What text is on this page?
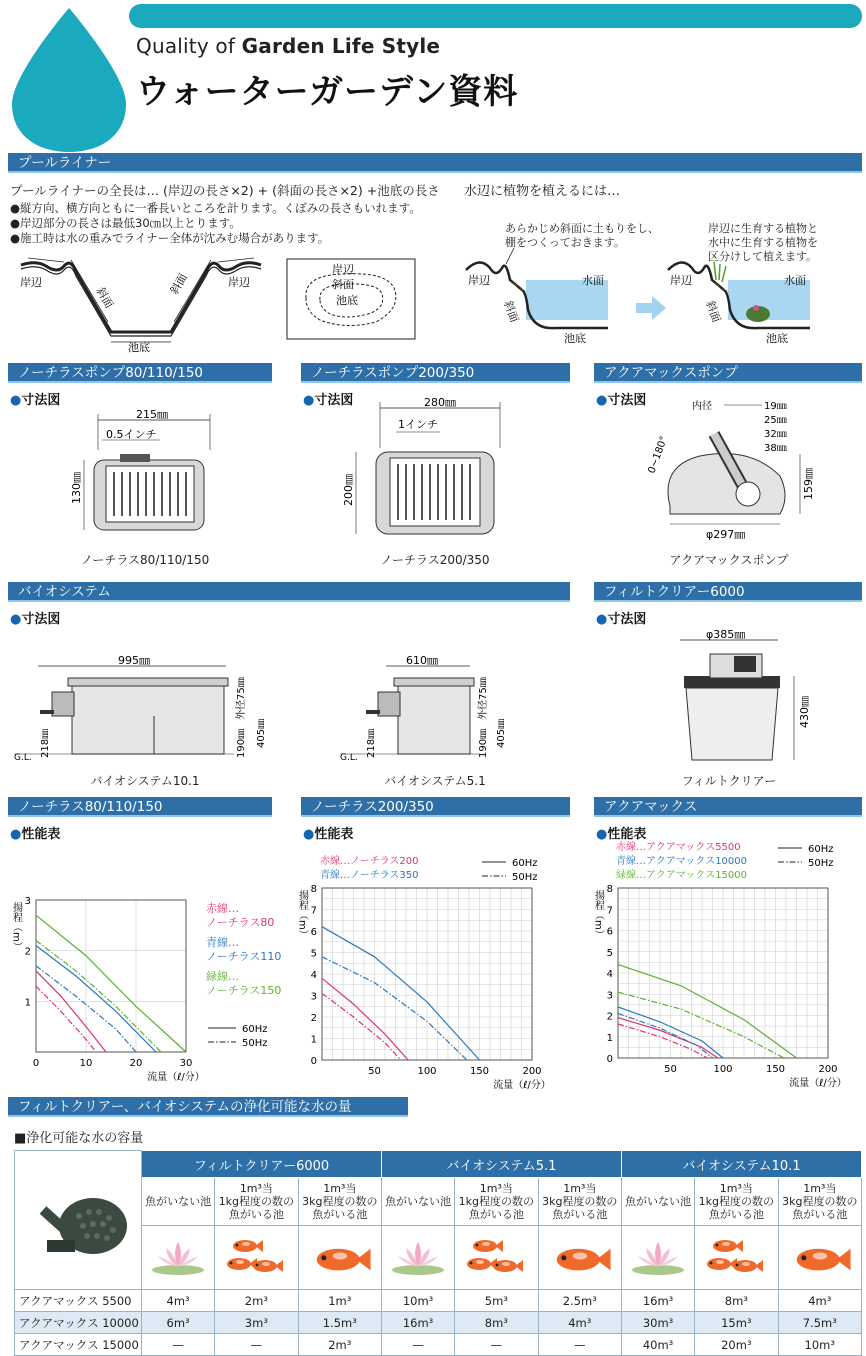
Quality of Garden Life Style
ウォーターガーデン資料
プールライナー
プールライナーの全長は… (岸辺の長さ×2) + (斜面の長さ×2) +池底の長さ
●縦方向、横方向ともに一番長いところを計ります。くぼみの長さもいれます。
●岸辺部分の長さは最低30㎝以上とります。
●施工時は水の重みでライナー全体が沈みむ場合があります。
水辺に植物を植えるには…
岸辺
斜面
斜面	岸辺
池底
岸辺
斜面
池底
あらかじめ斜面に土もりをし、
棚をつくっておきます。
岸辺に生育する植物と
水中に生育する植物を
区分けして植えます。
岸辺
斜面
水面
池底
岸辺
斜面
水面
池底
ノーチラスポンプ80/110/150	ノーチラスポンプ200/350	アクアマックスポンプ
●寸法図	●寸法図	●寸法図
215㎜
0.5インチ
130㎜
ノーチラス80/110/150
280㎜
1インチ
200㎜
ノーチラス200/350
内径	19㎜
25㎜
32㎜
38㎜
0~180°
159㎜
φ297㎜
アクアマックスポンプ
バイオシステム	フィルトクリアー6000
●寸法図	●寸法図
995㎜
G.L. 218㎜	190㎜
外径75㎜
405㎜
バイオシステム10.1
610㎜
G.L. 218㎜	190㎜
外径75㎜
405㎜
バイオシステム5.1
φ385㎜
430㎜
フィルトクリアー
ノーチラス80/110/150	ノーチラス200/350	アクアマックス
●性能表	●性能表	●性能表
1
2
3
0	10	20	30
流量（ℓ/分）
揚程（m）	赤線…
ノーチラス80
青線…
ノーチラス110
緑線…
ノーチラス150
60Hz
50Hz
0
1
2
3
4
5
6
7
8
50	100	150	200
流量（ℓ/分）
揚程（m）
赤線…ノーチラス200
青線…ノーチラス350
60Hz
50Hz
0
1
2
3
4
5
6
7
8
50	100	150	200
流量（ℓ/分）
揚程（m）
赤線…アクアマックス5500
青線…アクアマックス10000
緑線…アクアマックス15000
60Hz
50Hz
フィルトクリアー、バイオシステムの浄化可能な水の量
■浄化可能な水の容量
	フィルトクリアー6000			バイオシステム5.1			バイオシステム10.1		
	魚がいない池	1m³当
1kg程度の数の
魚がいる池	1m³当
3kg程度の数の
魚がいる池	魚がいない池	1m³当
1kg程度の数の
魚がいる池	1m³当
3kg程度の数の
魚がいる池	魚がいない池	1m³当
1kg程度の数の
魚がいる池	1m³当
3kg程度の数の
魚がいる池

アクアマックス 5500	4m³	2m³	1m³	10m³	5m³	2.5m³	16m³	8m³	4m³
アクアマックス 10000	6m³	3m³	1.5m³	16m³	8m³	4m³	30m³	15m³	7.5m³
アクアマックス 15000	—	—	2m³	—	—	—	40m³	20m³	10m³
